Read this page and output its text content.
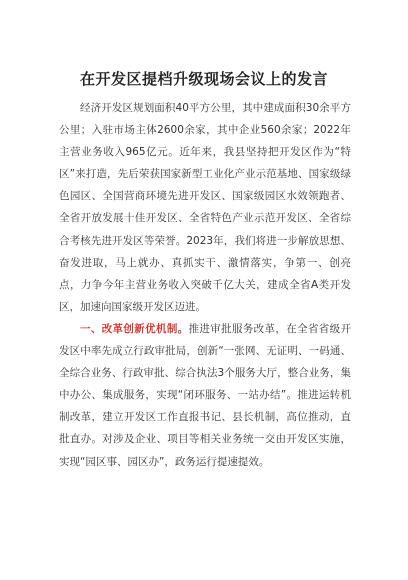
在开发区提档升级现场会议上的发言

经济开发区规划面积40平方公里，其中建成面积30余平方公里；入驻市场主体2600余家，其中企业560余家；2022年主营业务收入965亿元。近年来，我县坚持把开发区作为“特区”来打造，先后荣获国家新型工业化产业示范基地、国家级绿色园区、全国营商环境先进开发区、国家级园区水效领跑者、全省开放发展十佳开发区、全省特色产业示范开发区、全省综合考核先进开发区等荣誉。2023年，我们将进一步解放思想、奋发进取，马上就办、真抓实干、激情落实，争第一、创亮点，力争今年主营业务收入突破千亿大关，建成全省A类开发区，加速向国家级开发区迈进。

一、改革创新优机制。推进审批服务改革，在全省省级开发区中率先成立行政审批局，创新“一张网、无证明、一码通、全综合业务、行政审批、综合执法3个服务大厅，整合业务，集中办公、集成服务，实现“闭环服务、一站办结”。推进运转机制改革，建立开发区工作直报书记、县长机制，高位推动，直批直办。对涉及企业、项目等相关业务统一交由开发区实施，实现“园区事、园区办”，政务运行提速提效。
